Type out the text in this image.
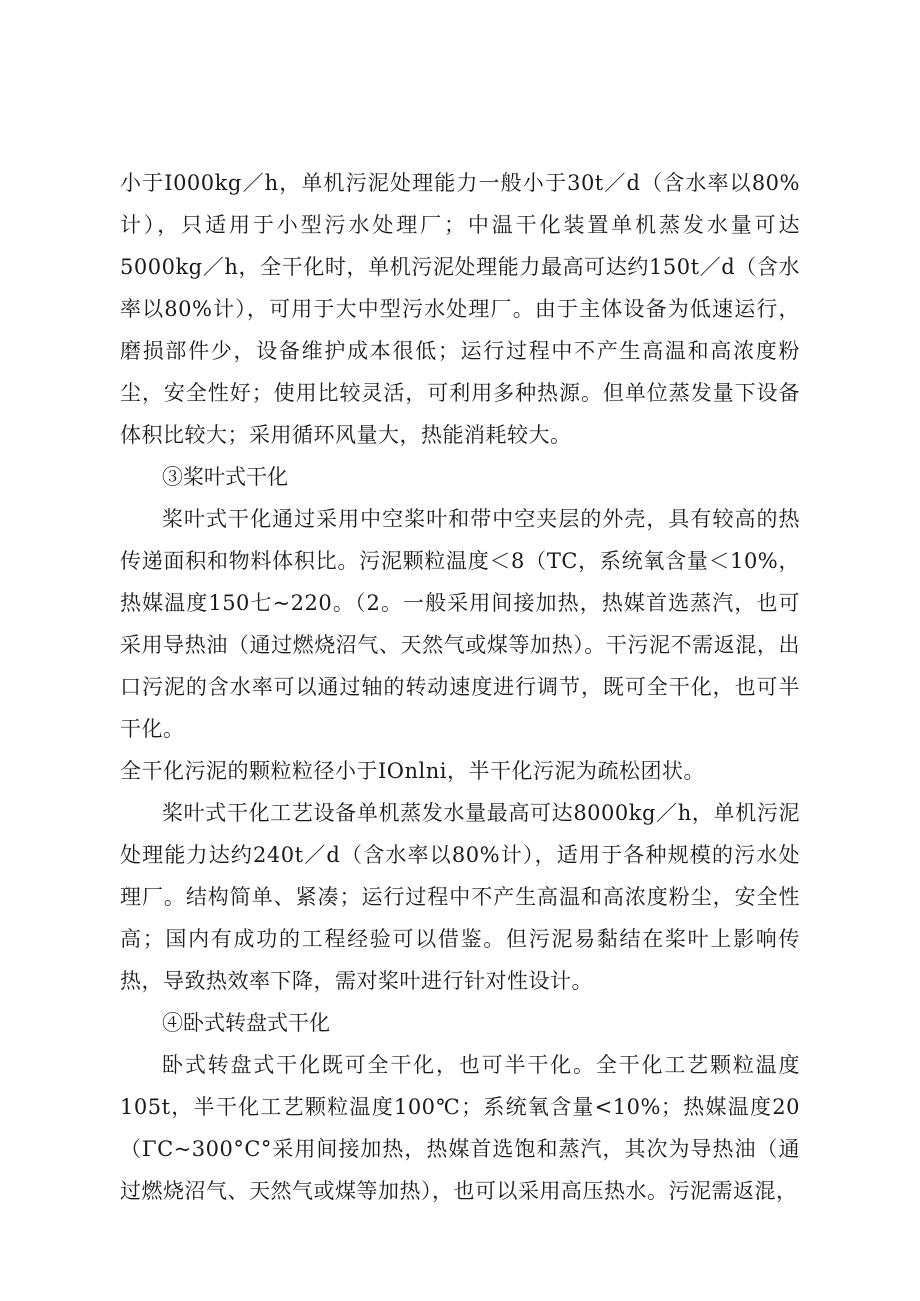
小于I000kg／h，单机污泥处理能力一般小于30t／d（含水率以80%计），只适用于小型污水处理厂；中温干化装置单机蒸发水量可达5000kg／h，全干化时，单机污泥处理能力最高可达约150t／d（含水率以80%计），可用于大中型污水处理厂。由于主体设备为低速运行，磨损部件少，设备维护成本很低；运行过程中不产生高温和高浓度粉尘，安全性好；使用比较灵活，可利用多种热源。但单位蒸发量下设备体积比较大；采用循环风量大，热能消耗较大。

③桨叶式干化

桨叶式干化通过采用中空桨叶和带中空夹层的外壳，具有较高的热传递面积和物料体积比。污泥颗粒温度＜8（TC，系统氧含量＜10%，热媒温度150七~220。（2。一般采用间接加热，热媒首选蒸汽，也可采用导热油（通过燃烧沼气、天然气或煤等加热）。干污泥不需返混，出口污泥的含水率可以通过轴的转动速度进行调节，既可全干化，也可半干化。

全干化污泥的颗粒粒径小于IOnlni，半干化污泥为疏松团状。

桨叶式干化工艺设备单机蒸发水量最高可达8000kg／h，单机污泥处理能力达约240t／d（含水率以80%计），适用于各种规模的污水处理厂。结构简单、紧凑；运行过程中不产生高温和高浓度粉尘，安全性高；国内有成功的工程经验可以借鉴。但污泥易黏结在桨叶上影响传热，导致热效率下降，需对桨叶进行针对性设计。

④卧式转盘式干化

卧式转盘式干化既可全干化，也可半干化。全干化工艺颗粒温度105t，半干化工艺颗粒温度100℃；系统氧含量<10%；热媒温度20（ΓC~300°C°采用间接加热，热媒首选饱和蒸汽，其次为导热油（通过燃烧沼气、天然气或煤等加热），也可以采用高压热水。污泥需返混，
